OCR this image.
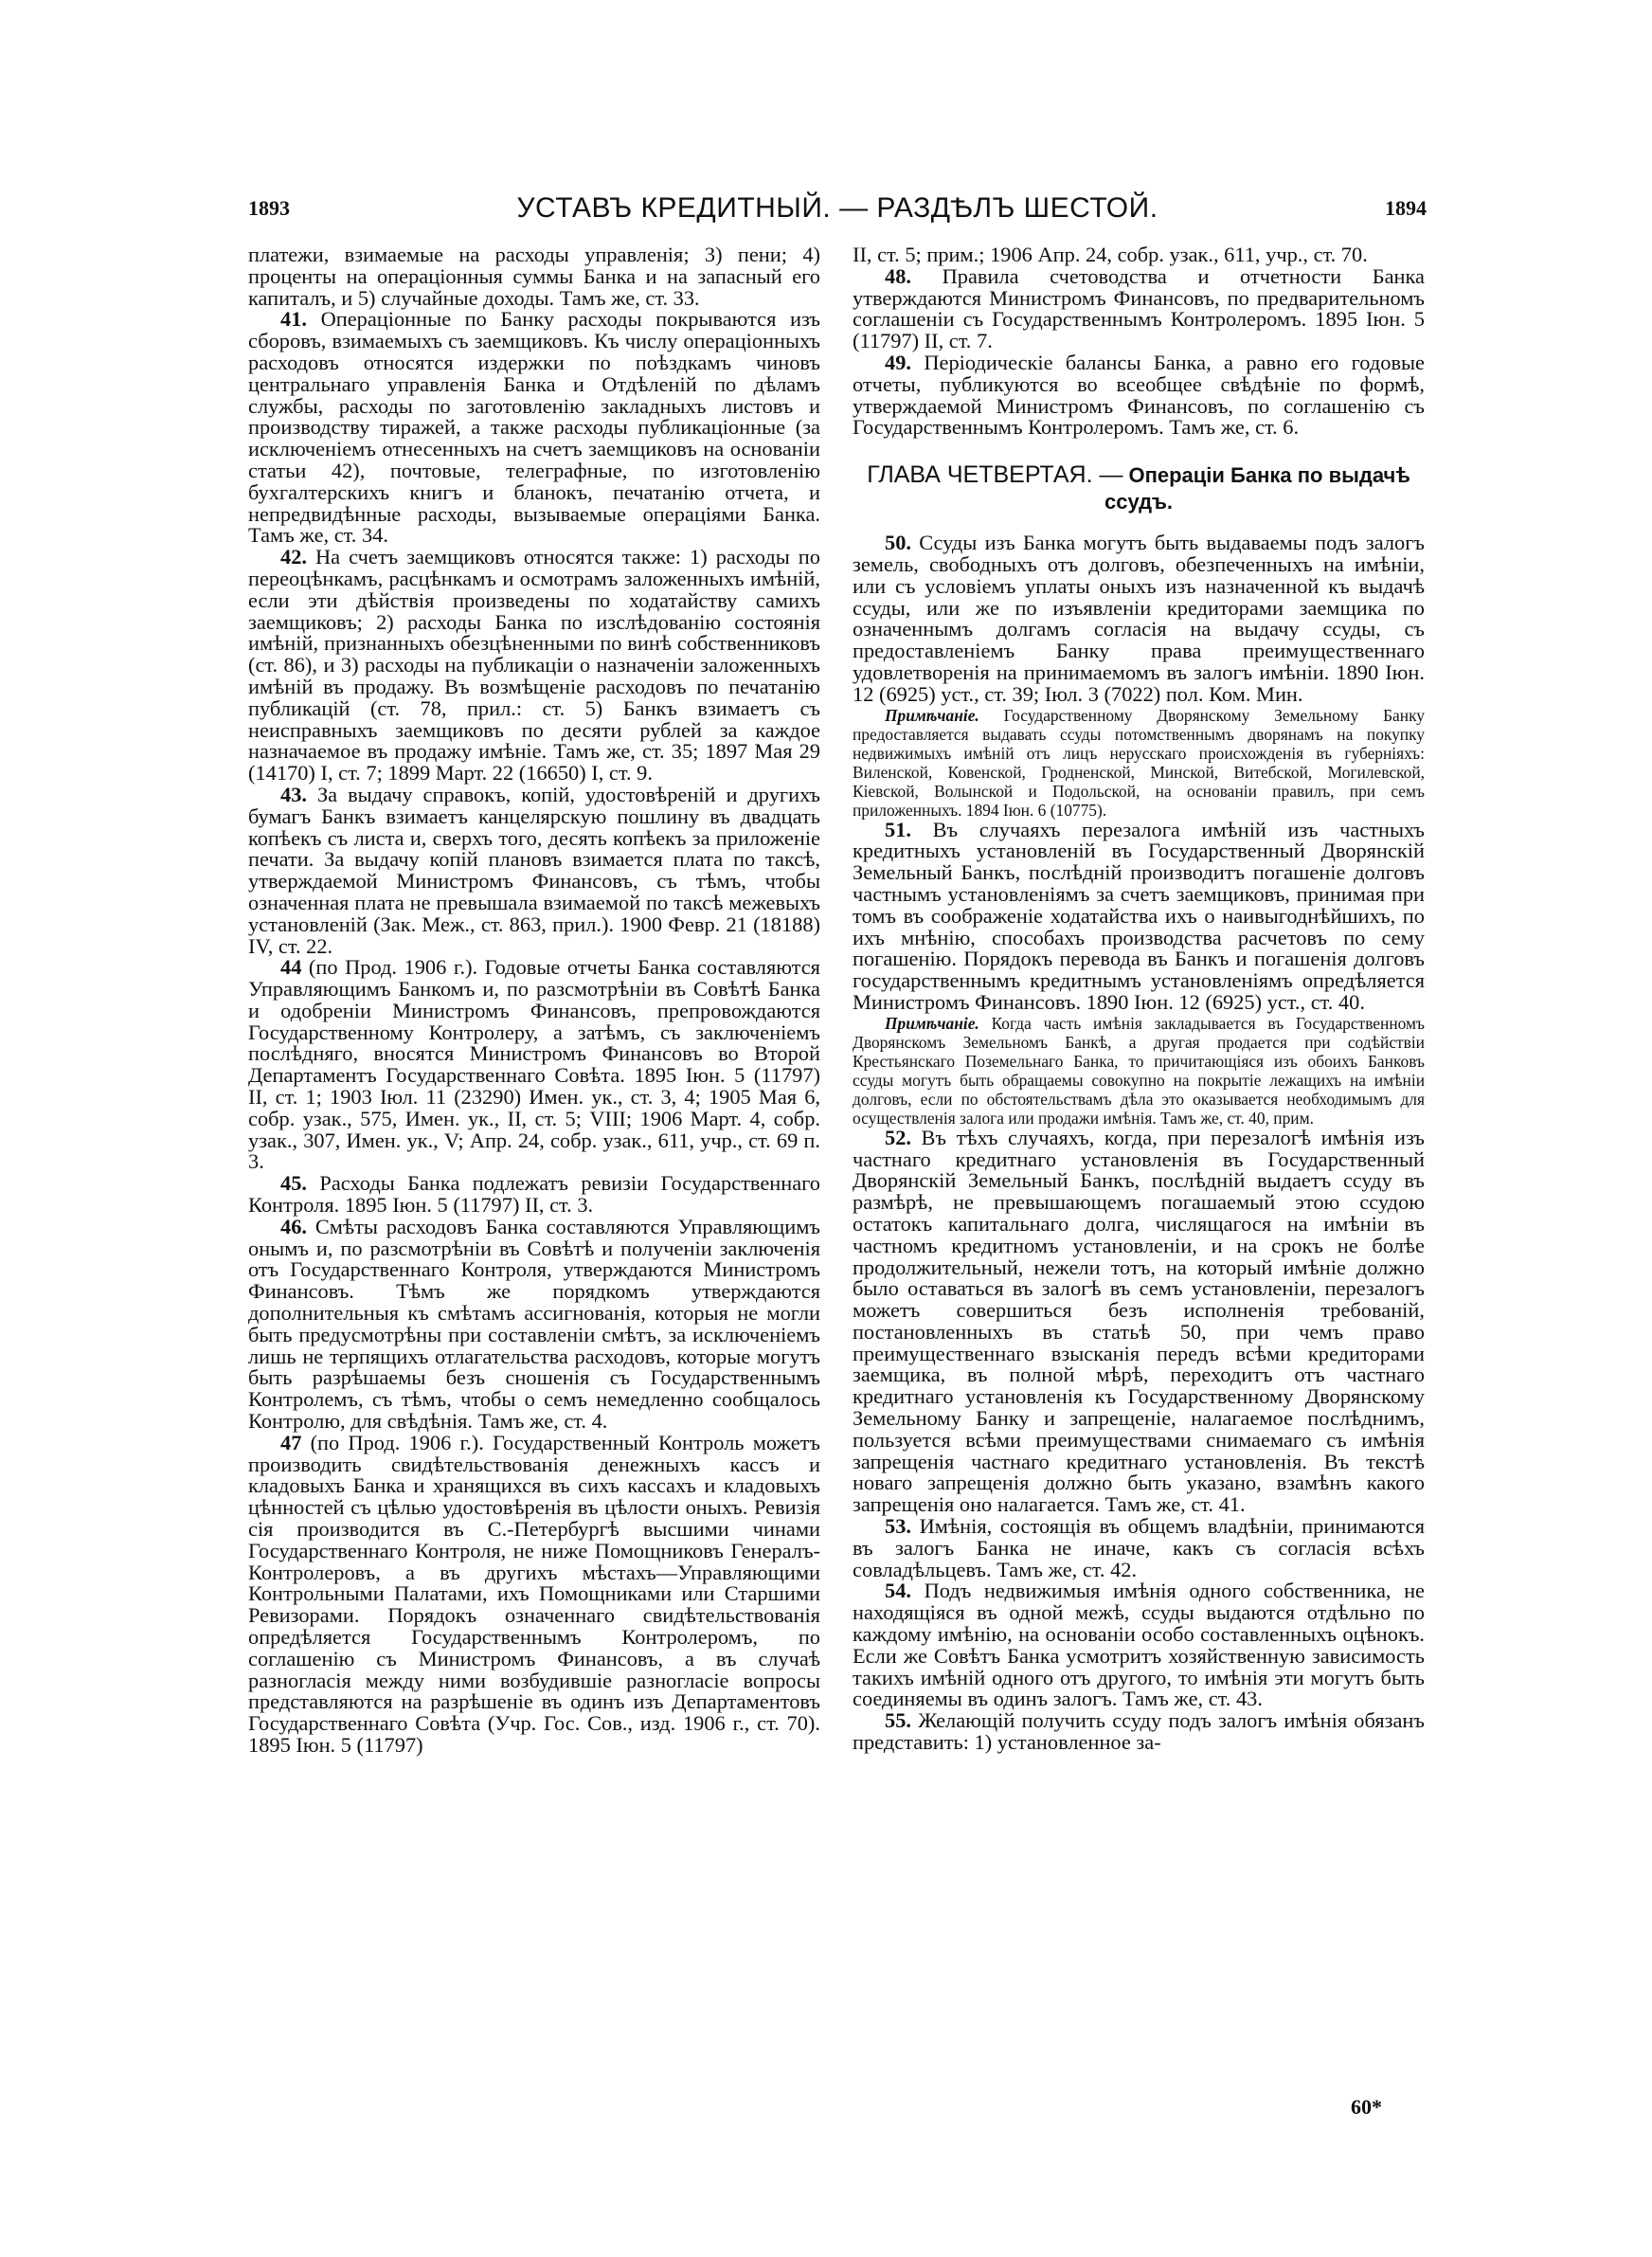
1893	УСТАВЪ КРЕДИТНЫЙ. — РАЗДѢЛЪ ШЕСТОЙ.	1894

платежи, взимаемые на расходы управленія; 3) пени; 4) проценты на операціонныя суммы Банка и на запасный его капиталъ, и 5) случайные доходы. Тамъ же, ст. 33.

41. Операціонные по Банку расходы покрываются изъ сборовъ, взимаемыхъ съ заемщиковъ. Къ числу операціонныхъ расходовъ относятся издержки по поѣздкамъ чиновъ центральнаго управленія Банка и Отдѣленій по дѣламъ службы, расходы по заготовленію закладныхъ листовъ и производству тиражей, а также расходы публикаціонные (за исключеніемъ отнесенныхъ на счетъ заемщиковъ на основаніи статьи 42), почтовые, телеграфные, по изготовленію бухгалтерскихъ книгъ и бланокъ, печатанію отчета, и непредвидѣнные расходы, вызываемые операціями Банка. Тамъ же, ст. 34.

42. На счетъ заемщиковъ относятся также: 1) расходы по переоцѣнкамъ, расцѣнкамъ и осмотрамъ заложенныхъ имѣній, если эти дѣйствія произведены по ходатайству самихъ заемщиковъ; 2) расходы Банка по изслѣдованію состоянія имѣній, признанныхъ обезцѣненными по винѣ собственниковъ (ст. 86), и 3) расходы на публикаціи о назначеніи заложенныхъ имѣній въ продажу. Въ возмѣщеніе расходовъ по печатанію публикацій (ст. 78, прил.: ст. 5) Банкъ взимаетъ съ неисправныхъ заемщиковъ по десяти рублей за каждое назначаемое въ продажу имѣніе. Тамъ же, ст. 35; 1897 Мая 29 (14170) I, ст. 7; 1899 Март. 22 (16650) I, ст. 9.

43. За выдачу справокъ, копій, удостовѣреній и другихъ бумагъ Банкъ взимаетъ канцелярскую пошлину въ двадцать копѣекъ съ листа и, сверхъ того, десять копѣекъ за приложеніе печати. За выдачу копій плановъ взимается плата по таксѣ, утверждаемой Министромъ Финансовъ, съ тѣмъ, чтобы означенная плата не превышала взимаемой по таксѣ межевыхъ установленій (Зак. Меж., ст. 863, прил.). 1900 Февр. 21 (18188) IV, ст. 22.

44 (по Прод. 1906 г.). Годовые отчеты Банка составляются Управляющимъ Банкомъ и, по разсмотрѣніи въ Совѣтѣ Банка и одобреніи Министромъ Финансовъ, препровождаются Государственному Контролеру, а затѣмъ, съ заключеніемъ послѣдняго, вносятся Министромъ Финансовъ во Второй Департаментъ Государственнаго Совѣта. 1895 Іюн. 5 (11797) II, ст. 1; 1903 Іюл. 11 (23290) Имен. ук., ст. 3, 4; 1905 Мая 6, собр. узак., 575, Имен. ук., II, ст. 5; VIII; 1906 Март. 4, собр. узак., 307, Имен. ук., V; Апр. 24, собр. узак., 611, учр., ст. 69 п. 3.

45. Расходы Банка подлежатъ ревизіи Государственнаго Контроля. 1895 Іюн. 5 (11797) II, ст. 3.

46. Смѣты расходовъ Банка составляются Управляющимъ онымъ и, по разсмотрѣніи въ Совѣтѣ и полученіи заключенія отъ Государственнаго Контроля, утверждаются Министромъ Финансовъ. Тѣмъ же порядкомъ утверждаются дополнительныя къ смѣтамъ ассигнованія, которыя не могли быть предусмотрѣны при составленіи смѣтъ, за исключеніемъ лишь не терпящихъ отлагательства расходовъ, которые могутъ быть разрѣшаемы безъ сношенія съ Государственнымъ Контролемъ, съ тѣмъ, чтобы о семъ немедленно сообщалось Контролю, для свѣдѣнія. Тамъ же, ст. 4.

47 (по Прод. 1906 г.). Государственный Контроль можетъ производить свидѣтельствованія денежныхъ кассъ и кладовыхъ Банка и хранящихся въ сихъ кассахъ и кладовыхъ цѣнностей съ цѣлью удостовѣренія въ цѣлости оныхъ. Ревизія сія производится въ С.-Петербургѣ высшими чинами Государственнаго Контроля, не ниже Помощниковъ Генералъ-Контролеровъ, а въ другихъ мѣстахъ—Управляющими Контрольными Палатами, ихъ Помощниками или Старшими Ревизорами. Порядокъ означеннаго свидѣтельствованія опредѣляется Государственнымъ Контролеромъ, по соглашенію съ Министромъ Финансовъ, а въ случаѣ разногласія между ними возбудившіе разногласіе вопросы представляются на разрѣшеніе въ одинъ изъ Департаментовъ Государственнаго Совѣта (Учр. Гос. Сов., изд. 1906 г., ст. 70). 1895 Іюн. 5 (11797)

II, ст. 5; прим.; 1906 Апр. 24, собр. узак., 611, учр., ст. 70.

48. Правила счетоводства и отчетности Банка утверждаются Министромъ Финансовъ, по предварительномъ соглашеніи съ Государственнымъ Контролеромъ. 1895 Іюн. 5 (11797) II, ст. 7.

49. Періодическіе балансы Банка, а равно его годовые отчеты, публикуются во всеобщее свѣдѣніе по формѣ, утверждаемой Министромъ Финансовъ, по соглашенію съ Государственнымъ Контролеромъ. Тамъ же, ст. 6.

ГЛАВА ЧЕТВЕРТАЯ. — Операціи Банка по выдачѣ ссудъ.

50. Ссуды изъ Банка могутъ быть выдаваемы подъ залогъ земель, свободныхъ отъ долговъ, обезпеченныхъ на имѣніи, или съ условіемъ уплаты оныхъ изъ назначенной къ выдачѣ ссуды, или же по изъявленіи кредиторами заемщика по означеннымъ долгамъ согласія на выдачу ссуды, съ предоставленіемъ Банку права преимущественнаго удовлетворенія на принимаемомъ въ залогъ имѣніи. 1890 Іюн. 12 (6925) уст., ст. 39; Іюл. 3 (7022) пол. Ком. Мин.

Примѣчаніе. Государственному Дворянскому Земельному Банку предоставляется выдавать ссуды потомственнымъ дворянамъ на покупку недвижимыхъ имѣній отъ лицъ нерусскаго происхожденія въ губерніяхъ: Виленской, Ковенской, Гродненской, Минской, Витебской, Могилевской, Кіевской, Волынской и Подольской, на основаніи правилъ, при семъ приложенныхъ. 1894 Іюн. 6 (10775).

51. Въ случаяхъ перезалога имѣній изъ частныхъ кредитныхъ установленій въ Государственный Дворянскій Земельный Банкъ, послѣдній производитъ погашеніе долговъ частнымъ установленіямъ за счетъ заемщиковъ, принимая при томъ въ соображеніе ходатайства ихъ о наивыгоднѣйшихъ, по ихъ мнѣнію, способахъ производства расчетовъ по сему погашенію. Порядокъ перевода въ Банкъ и погашенія долговъ государственнымъ кредитнымъ установленіямъ опредѣляется Министромъ Финансовъ. 1890 Іюн. 12 (6925) уст., ст. 40.

Примѣчаніе. Когда часть имѣнія закладывается въ Государственномъ Дворянскомъ Земельномъ Банкѣ, а другая продается при содѣйствіи Крестьянскаго Поземельнаго Банка, то причитающіяся изъ обоихъ Банковъ ссуды могутъ быть обращаемы совокупно на покрытіе лежащихъ на имѣніи долговъ, если по обстоятельствамъ дѣла это оказывается необходимымъ для осуществленія залога или продажи имѣнія. Тамъ же, ст. 40, прим.

52. Въ тѣхъ случаяхъ, когда, при перезалогѣ имѣнія изъ частнаго кредитнаго установленія въ Государственный Дворянскій Земельный Банкъ, послѣдній выдаетъ ссуду въ размѣрѣ, не превышающемъ погашаемый этою ссудою остатокъ капитальнаго долга, числящагося на имѣніи въ частномъ кредитномъ установленіи, и на срокъ не болѣе продолжительный, нежели тотъ, на который имѣніе должно было оставаться въ залогѣ въ семъ установленіи, перезалогъ можетъ совершиться безъ исполненія требованій, постановленныхъ въ статьѣ 50, при чемъ право преимущественнаго взысканія передъ всѣми кредиторами заемщика, въ полной мѣрѣ, переходитъ отъ частнаго кредитнаго установленія къ Государственному Дворянскому Земельному Банку и запрещеніе, налагаемое послѣднимъ, пользуется всѣми преимуществами снимаемаго съ имѣнія запрещенія частнаго кредитнаго установленія. Въ текстѣ новаго запрещенія должно быть указано, взамѣнъ какого запрещенія оно налагается. Тамъ же, ст. 41.

53. Имѣнія, состоящія въ общемъ владѣніи, принимаются въ залогъ Банка не иначе, какъ съ согласія всѣхъ совладѣльцевъ. Тамъ же, ст. 42.

54. Подъ недвижимыя имѣнія одного собственника, не находящіяся въ одной межѣ, ссуды выдаются отдѣльно по каждому имѣнію, на основаніи особо составленныхъ оцѣнокъ. Если же Совѣтъ Банка усмотритъ хозяйственную зависимость такихъ имѣній одного отъ другого, то имѣнія эти могутъ быть соединяемы въ одинъ залогъ. Тамъ же, ст. 43.

55. Желающій получить ссуду подъ залогъ имѣнія обязанъ представить: 1) установленное за-

60*
